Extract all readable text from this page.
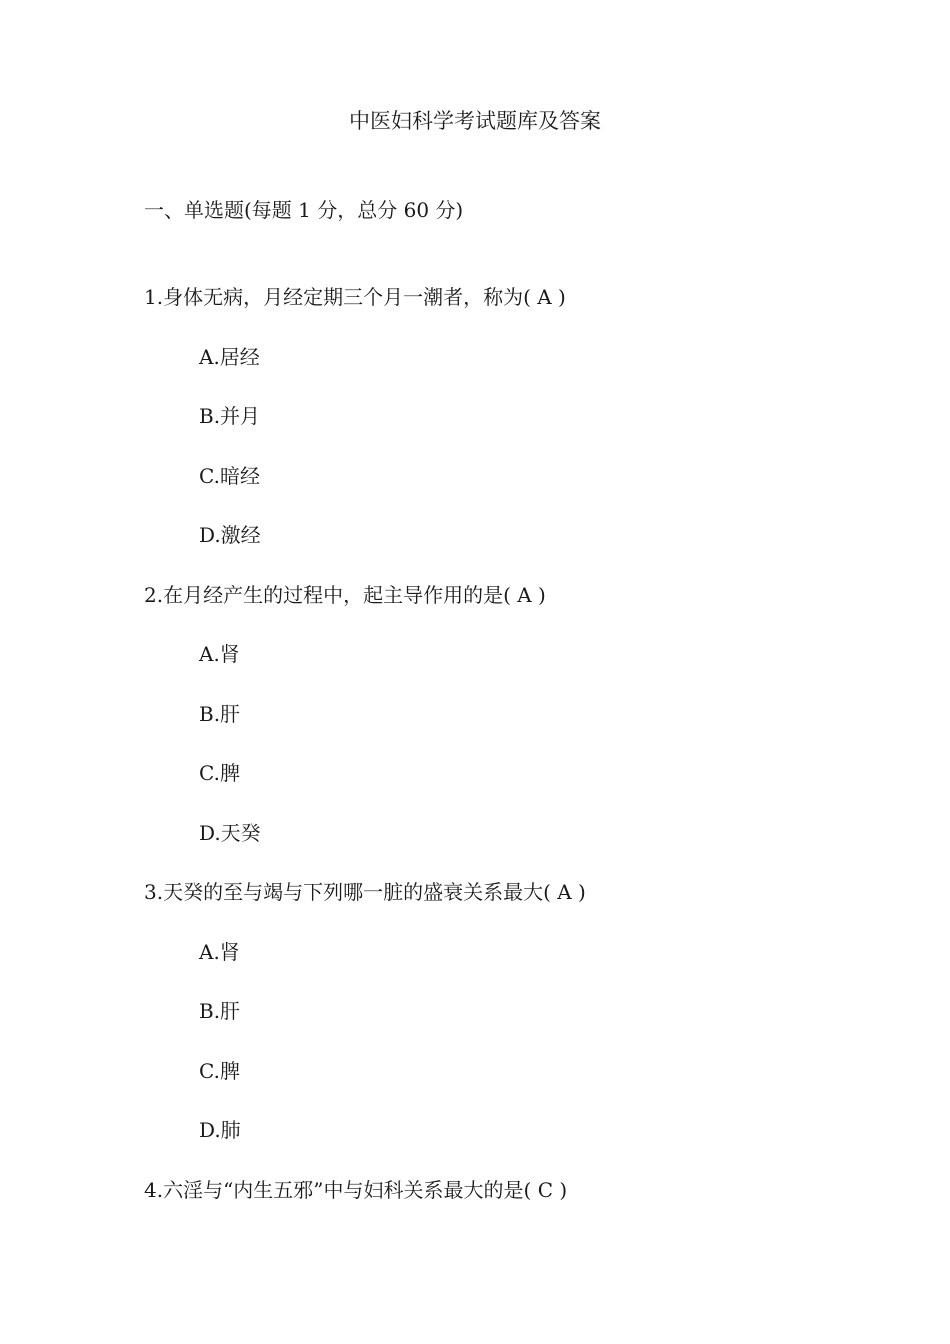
中医妇科学考试题库及答案
一、单选题(每题 1 分，总分 60 分)
1.身体无病，月经定期三个月一潮者，称为( A )
A.居经
B.并月
C.暗经
D.激经
2.在月经产生的过程中，起主导作用的是( A )
A.肾
B.肝
C.脾
D.天癸
3.天癸的至与竭与下列哪一脏的盛衰关系最大( A )
A.肾
B.肝
C.脾
D.肺
4.六淫与“内生五邪”中与妇科关系最大的是( C )
